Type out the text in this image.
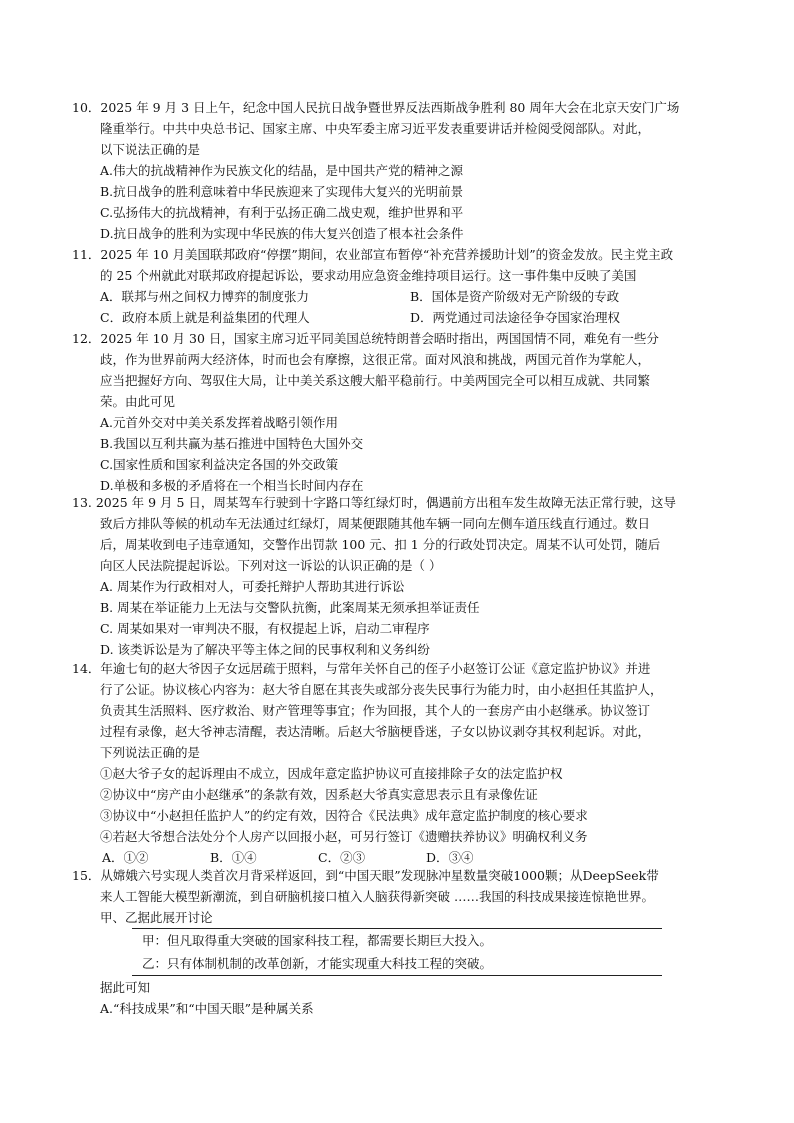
10．2025 年 9 月 3 日上午，纪念中国人民抗日战争暨世界反法西斯战争胜利 80 周年大会在北京天安门广场
隆重举行。中共中央总书记、国家主席、中央军委主席习近平发表重要讲话并检阅受阅部队。对此，
以下说法正确的是
A.伟大的抗战精神作为民族文化的结晶，是中国共产党的精神之源
B.抗日战争的胜利意味着中华民族迎来了实现伟大复兴的光明前景
C.弘扬伟大的抗战精神，有利于弘扬正确二战史观，维护世界和平
D.抗日战争的胜利为实现中华民族的伟大复兴创造了根本社会条件
11．2025 年 10 月美国联邦政府“停摆”期间，农业部宣布暂停“补充营养援助计划”的资金发放。民主党主政
的 25 个州就此对联邦政府提起诉讼，要求动用应急资金维持项目运行。这一事件集中反映了美国
A．联邦与州之间权力博弈的制度张力	B．国体是资产阶级对无产阶级的专政
C．政府本质上就是利益集团的代理人	D．两党通过司法途径争夺国家治理权
12．2025 年 10 月 30 日，国家主席习近平同美国总统特朗普会晤时指出，两国国情不同，难免有一些分
歧，作为世界前两大经济体，时而也会有摩擦，这很正常。面对风浪和挑战，两国元首作为掌舵人，
应当把握好方向、驾驭住大局，让中美关系这艘大船平稳前行。中美两国完全可以相互成就、共同繁
荣。由此可见
A.元首外交对中美关系发挥着战略引领作用
B.我国以互利共赢为基石推进中国特色大国外交
C.国家性质和国家利益决定各国的外交政策
D.单极和多极的矛盾将在一个相当长时间内存在
13. 2025 年 9 月 5 日，周某驾车行驶到十字路口等红绿灯时，偶遇前方出租车发生故障无法正常行驶，这导
致后方排队等候的机动车无法通过红绿灯，周某便跟随其他车辆一同向左侧车道压线直行通过。数日
后，周某收到电子违章通知，交警作出罚款 100 元、扣 1 分的行政处罚决定。周某不认可处罚，随后
向区人民法院提起诉讼。下列对这一诉讼的认识正确的是（ ）
A. 周某作为行政相对人，可委托辩护人帮助其进行诉讼
B. 周某在举证能力上无法与交警队抗衡，此案周某无须承担举证责任
C. 周某如果对一审判决不服，有权提起上诉，启动二审程序
D. 该类诉讼是为了解决平等主体之间的民事权利和义务纠纷
14．年逾七旬的赵大爷因子女远居疏于照料，与常年关怀自己的侄子小赵签订公证《意定监护协议》并进
行了公证。协议核心内容为：赵大爷自愿在其丧失或部分丧失民事行为能力时，由小赵担任其监护人，
负责其生活照料、医疗救治、财产管理等事宜；作为回报，其个人的一套房产由小赵继承。协议签订
过程有录像，赵大爷神志清醒，表达清晰。后赵大爷脑梗昏迷，子女以协议剥夺其权利起诉。对此，
下列说法正确的是
①赵大爷子女的起诉理由不成立，因成年意定监护协议可直接排除子女的法定监护权
②协议中“房产由小赵继承”的条款有效，因系赵大爷真实意思表示且有录像佐证
③协议中“小赵担任监护人”的约定有效，因符合《民法典》成年意定监护制度的核心要求
④若赵大爷想合法处分个人房产以回报小赵，可另行签订《遗赠扶养协议》明确权利义务
A．①②	B．①④	C．②③	D．③④
15．从嫦娥六号实现人类首次月背采样返回，到“中国天眼”发现脉冲星数量突破1000颗；从DeepSeek带
来人工智能大模型新潮流，到自研脑机接口植入人脑获得新突破 ……我国的科技成果接连惊艳世界。
甲、乙据此展开讨论
甲：但凡取得重大突破的国家科技工程，都需要长期巨大投入。
乙：只有体制机制的改革创新，才能实现重大科技工程的突破。
据此可知
A.“科技成果”和“中国天眼”是种属关系
